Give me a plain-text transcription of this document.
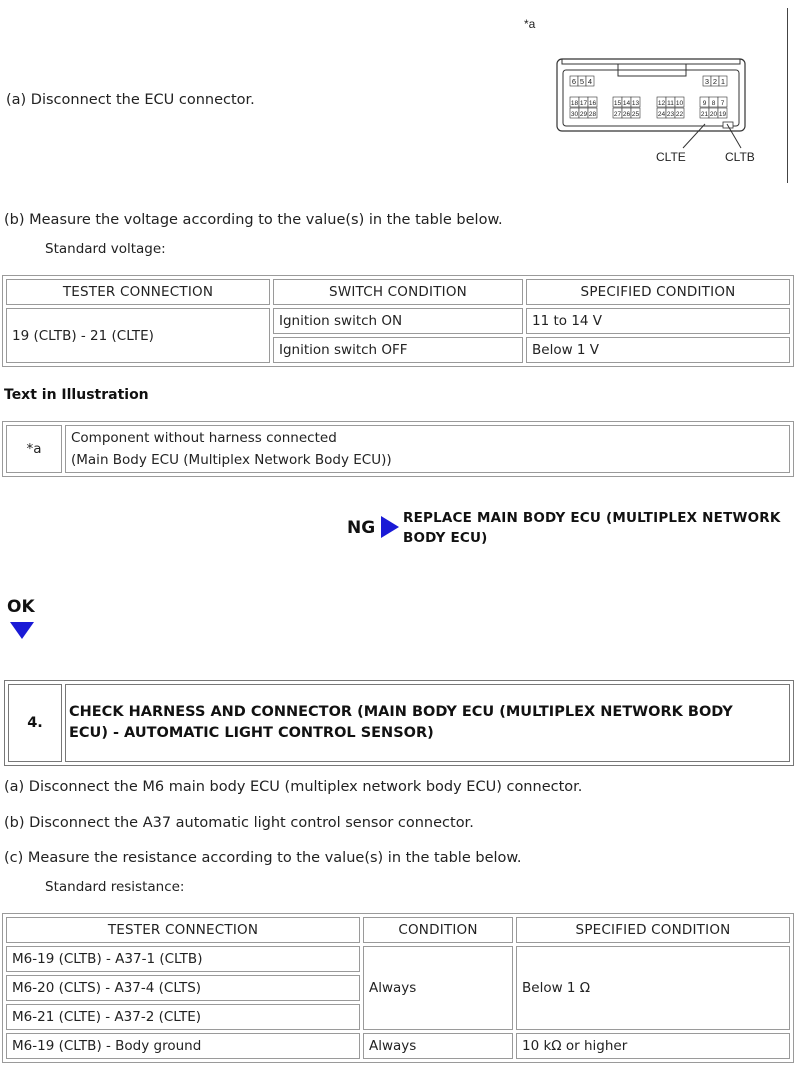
*a
6 5 4	3 2 1
18
30
17
29
16
28
15
27
14
26
13
25
12
24
11
23
10
22
9
21
8
20
7
19
CLTE	CLTB
(a) Disconnect the ECU connector.
(b) Measure the voltage according to the value(s) in the table below.
Standard voltage:
TESTER CONNECTION	SWITCH CONDITION	SPECIFIED CONDITION
19 (CLTB) - 21 (CLTE)	Ignition switch ON	11 to 14 V
	Ignition switch OFF	Below 1 V
Text in Illustration
*a	
Component without harness connected
(Main Body ECU (Multiplex Network Body ECU))
NG REPLACE MAIN BODY ECU (MULTIPLEX NETWORK
BODY ECU)
OK
4.	
CHECK HARNESS AND CONNECTOR (MAIN BODY ECU (MULTIPLEX NETWORK BODY
ECU) - AUTOMATIC LIGHT CONTROL SENSOR)
(a) Disconnect the M6 main body ECU (multiplex network body ECU) connector.
(b) Disconnect the A37 automatic light control sensor connector.
(c) Measure the resistance according to the value(s) in the table below.
Standard resistance:
TESTER CONNECTION	CONDITION	SPECIFIED CONDITION
M6-19 (CLTB) - A37-1 (CLTB)	Always	Below 1 Ω
M6-20 (CLTS) - A37-4 (CLTS)		
M6-21 (CLTE) - A37-2 (CLTE)		
M6-19 (CLTB) - Body ground	Always	10 kΩ or higher
